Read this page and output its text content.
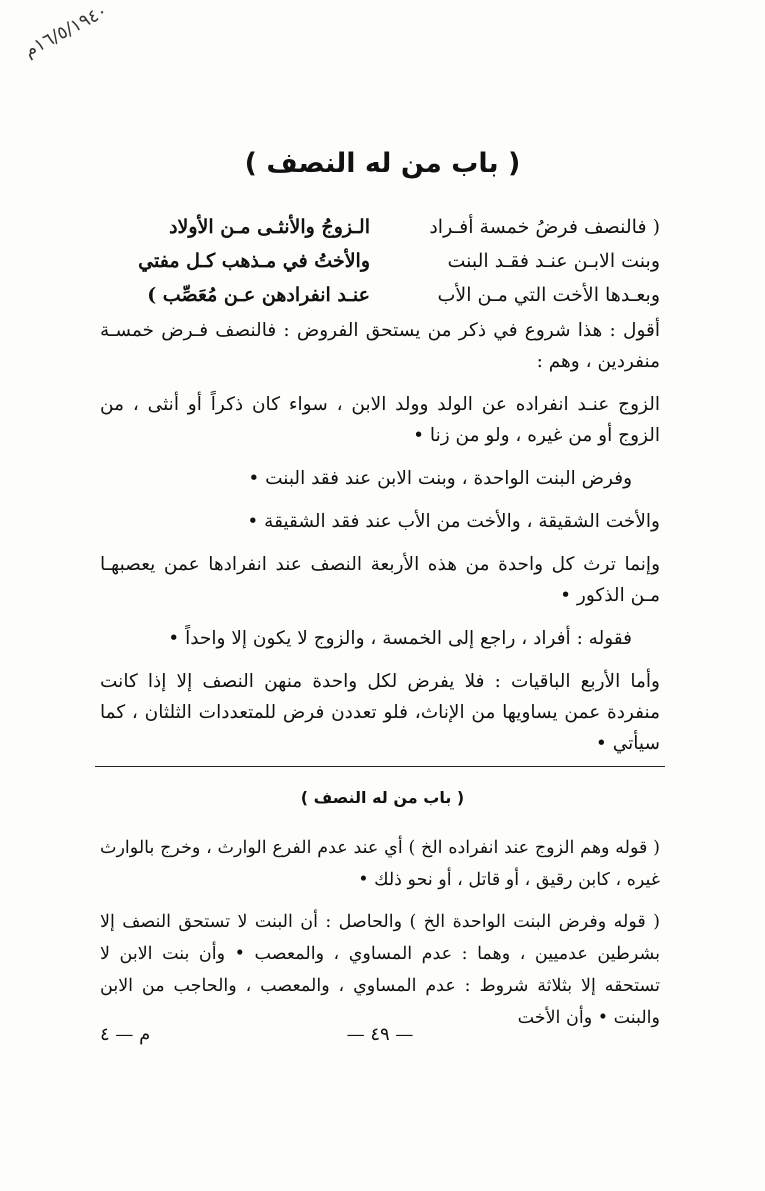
١٦/٥/١٩٤٠م
( باب من له النصف )
( فالنصف فرضُ خمسة أفـراد
الـزوجُ والأنثـى مـن الأولاد
وبنت الابـن عنـد فقـد البنت
والأختُ في مـذهب كـل مفتي
وبعـدها الأخت التي مـن الأب
عنـد انفرادهن عـن مُعَصِّب )

أقول : هذا شروع في ذكر من يستحق الفروض : فالنصف فـرض خمسـة منفردين ، وهم :

الزوج عنـد انفراده عن الولد وولد الابن ، سواء كان ذكراً أو أنثى ، من الزوج أو من غيره ، ولو من زنا •

وفرض البنت الواحدة ، وبنت الابن عند فقد البنت •

والأخت الشقيقة ، والأخت من الأب عند فقد الشقيقة •

وإنما ترث كل واحدة من هذه الأربعة النصف عند انفرادها عمن يعصبهـا مـن الذكور •

فقوله : أفراد ، راجع إلى الخمسة ، والزوج لا يكون إلا واحداً •

وأما الأربع الباقيات : فلا يفرض لكل واحدة منهن النصف إلا إذا كانت منفردة عمن يساويها من الإناث، فلو تعددن فرض للمتعددات الثلثان ، كما سيأتي •

( باب من له النصف )

( قوله وهم الزوج عند انفراده الخ ) أي عند عدم الفرع الوارث ، وخرج بالوارث غيره ، كابن رقيق ، أو قاتل ، أو نحو ذلك •

( قوله وفرض البنت الواحدة الخ ) والحاصل : أن البنت لا تستحق النصف إلا بشرطين عدميين ، وهما : عدم المساوي ، والمعصب • وأن بنت الابن لا تستحقه إلا بثلاثة شروط : عدم المساوي ، والمعصب ، والحاجب من الابن والبنت • وأن الأخت

— ٤٩ —
م — ٤
